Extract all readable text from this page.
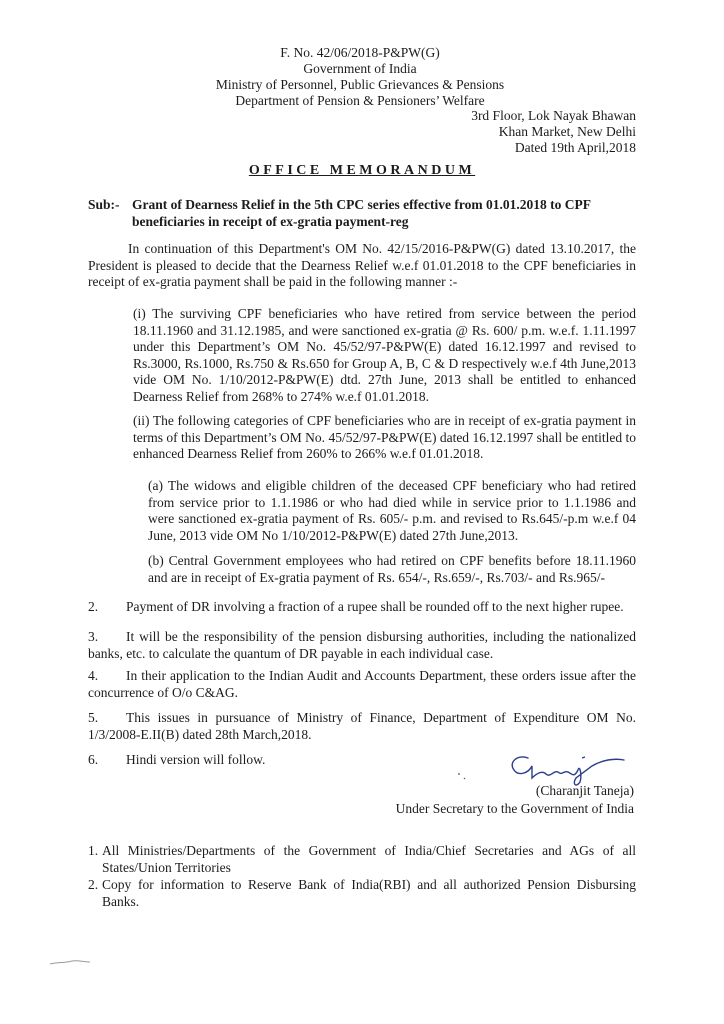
F. No. 42/06/2018-P&PW(G)
Government of India
Ministry of Personnel, Public Grievances & Pensions
Department of Pension & Pensioners’ Welfare
3rd Floor, Lok Nayak Bhawan
Khan Market, New Delhi
Dated 19th April,2018
OFFICE MEMORANDUM
Sub:- Grant of Dearness Relief in the 5th CPC series effective from 01.01.2018 to CPF
beneficiaries in receipt of ex-gratia payment-reg
In continuation of this Department's OM No. 42/15/2016-P&PW(G) dated 13.10.2017, the President is pleased to decide that the Dearness Relief w.e.f 01.01.2018 to the CPF beneficiaries in receipt of ex-gratia payment shall be paid in the following manner :-
(i) The surviving CPF beneficiaries who have retired from service between the period 18.11.1960 and 31.12.1985, and were sanctioned ex-gratia @ Rs. 600/ p.m. w.e.f. 1.11.1997 under this Department’s OM No. 45/52/97-P&PW(E) dated 16.12.1997 and revised to Rs.3000, Rs.1000, Rs.750 & Rs.650 for Group A, B, C & D respectively w.e.f 4th June,2013 vide OM No. 1/10/2012-P&PW(E) dtd. 27th June, 2013 shall be entitled to enhanced Dearness Relief from 268% to 274% w.e.f 01.01.2018.
(ii) The following categories of CPF beneficiaries who are in receipt of ex-gratia payment in terms of this Department’s OM No. 45/52/97-P&PW(E) dated 16.12.1997 shall be entitled to enhanced Dearness Relief from 260% to 266% w.e.f 01.01.2018.
(a) The widows and eligible children of the deceased CPF beneficiary who had retired from service prior to 1.1.1986 or who had died while in service prior to 1.1.1986 and were sanctioned ex-gratia payment of Rs. 605/- p.m. and revised to Rs.645/-p.m w.e.f 04 June, 2013 vide OM No 1/10/2012-P&PW(E) dated 27th June,2013.
(b) Central Government employees who had retired on CPF benefits before 18.11.1960 and are in receipt of Ex-gratia payment of Rs. 654/-, Rs.659/-, Rs.703/- and Rs.965/-
2. Payment of DR involving a fraction of a rupee shall be rounded off to the next higher rupee.
3. It will be the responsibility of the pension disbursing authorities, including the nationalized banks, etc. to calculate the quantum of DR payable in each individual case.
4. In their application to the Indian Audit and Accounts Department, these orders issue after the concurrence of O/o C&AG.
5. This issues in pursuance of Ministry of Finance, Department of Expenditure OM No. 1/3/2008-E.II(B) dated 28th March,2018.
6. Hindi version will follow.
(Charanjit Taneja)
Under Secretary to the Government of India
1. All Ministries/Departments of the Government of India/Chief Secretaries and AGs of all States/Union Territories
2. Copy for information to Reserve Bank of India(RBI) and all authorized Pension Disbursing Banks.
